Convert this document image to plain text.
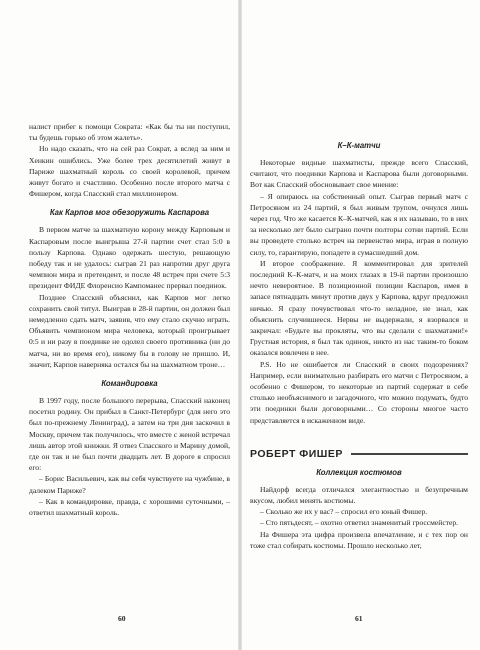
налист прибег к помощи Сократа: «Как бы ты ни поступил, ты будешь горько об этом жалеть».

Но надо сказать, что на сей раз Сократ, а вслед за ним и Хенкин ошиблись. Уже более трех десятилетий живут в Париже шахматный король со своей королевой, причем живут богато и счастливо. Особенно после второго матча с Фишером, когда Спасский стал миллионером.

Как Карпов мог обезоружить Каспарова

В первом матче за шахматную корону между Карповым и Каспаровым после выигрыша 27-й партии счет стал 5:0 в пользу Карпова. Однако одержать шестую, решающую победу так и не удалось: сыграв 21 раз напротив друг друга чемпион мира и претендент, и после 48 встреч при счете 5:3 президент ФИДЕ Флоренсио Кампоманес прервал поединок.

Позднее Спасский объяснил, как Карпов мог легко сохранить свой титул. Выиграв в 28-й партии, он должен был немедленно сдать матч, заявив, что ему стало скучно играть. Объявить чемпионом мира человека, который проигрывает 0:5 и ни разу в поединке не одолел своего противника (ни до матча, ни во время его), никому бы в голову не пришло. И, значит, Карпов наверняка остался бы на шахматном троне…

Командировка

В 1997 году, после большого перерыва, Спасский наконец посетил родину. Он прибыл в Санкт-Петербург (для него это был по-прежнему Ленинград), а затем на три дня заскочил в Москву, причем так получилось, что вместе с женой встречал лишь автор этой книжки. Я отвез Спасского и Марину домой, где он так и не был почти двадцать лет. В дороге я спросил его:

– Борис Васильевич, как вы себя чувствуете на чужбине, в далеком Париже?

– Как в командировке, правда, с хорошими суточными, – ответил шахматный король.

60
К–К-матчи

Некоторые видные шахматисты, прежде всего Спасский, считают, что поединки Карпова и Каспарова были договорными. Вот как Спасский обосновывает свое мнение:

– Я опираюсь на собственный опыт. Сыграв первый матч с Петросяном из 24 партий, я был живым трупом, очнулся лишь через год. Что же касается К–К-матчей, как я их называю, то в них за несколько лет было сыграно почти полторы сотни партий. Если вы проведете столько встреч на первенство мира, играя в полную силу, то, гарантирую, попадете в сумасшедший дом.

И второе соображение. Я комментировал для зрителей последний К–К-матч, и на моих глазах в 19-й партии произошло нечто невероятное. В позиционной позиции Каспаров, имея в запасе пятнадцать минут против двух у Карпова, вдруг предложил ничью. Я сразу почувствовал что-то неладное, не знал, как объяснить случившееся. Нервы не выдержали, я взорвался и закричал: «Будьте вы прокляты, что вы сделали с шахматами!» Грустная история, я был так одинок, никто из нас таким-то боком оказался вовлечен в нее.

P.S. Но не ошибается ли Спасский в своих подозрениях? Например, если внимательно разбирать его матчи с Петросяном, а особенно с Фишером, то некоторые из партий содержат в себе столько необъяснимого и загадочного, что можно подумать, будто эти поединки были договорными… Со стороны многое часто представляется в искаженном виде.

РОБЕРТ ФИШЕР
Коллекция костюмов

Найдорф всегда отличался элегантностью и безупречным вкусом, любил менять костюмы.

– Сколько же их у вас? – спросил его юный Фишер.

– Сто пятьдесят, – охотно ответил знаменитый гроссмейстер.

На Фишера эта цифра произвела впечатление, и с тех пор он тоже стал собирать костюмы. Прошло несколько лет,

61
